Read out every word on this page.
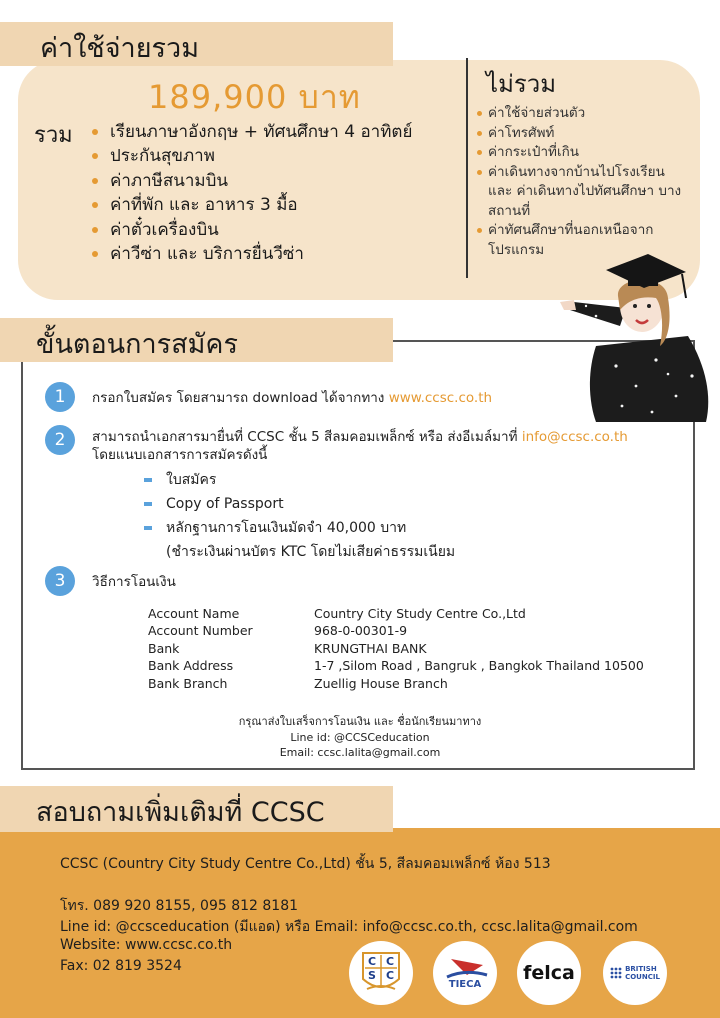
ค่าใช้จ่ายรวม
189,900 บาท
รวม	เรียนภาษาอังกฤษ + ทัศนศึกษา 4 อาทิตย์
ประกันสุขภาพ
ค่าภาษีสนามบิน
ค่าที่พัก และ อาหาร 3 มื้อ
ค่าตั๋วเครื่องบิน
ค่าวีซ่า และ บริการยื่นวีซ่า
ไม่รวม
ค่าใช้จ่ายส่วนตัว
ค่าโทรศัพท์
ค่ากระเป๋าที่เกิน
ค่าเดินทางจากบ้านไปโรงเรียน และ ค่าเดินทางไปทัศนศึกษา บางสถานที่
ค่าทัศนศึกษาที่นอกเหนือจาก โปรแกรม
ขั้นตอนการสมัคร
1	กรอกใบสมัคร โดยสามารถ download ได้จากทาง www.ccsc.co.th
2	สามารถนำเอกสารมายื่นที่ CCSC ชั้น 5 สีลมคอมเพล็กซ์ หรือ ส่งอีเมล์มาที่ info@ccsc.co.th
โดยแนบเอกสารการสมัครดังนี้
ใบสมัคร
Copy of Passport
หลักฐานการโอนเงินมัดจำ 40,000 บาท
(ชำระเงินผ่านบัตร KTC โดยไม่เสียค่าธรรมเนียม
3	วิธีการโอนเงิน
Account Name	Country City Study Centre Co.,Ltd
Account Number	968-0-00301-9
Bank	KRUNGTHAI BANK
Bank Address	1-7 ,Silom Road , Bangruk , Bangkok Thailand 10500
Bank Branch	Zuellig House Branch
กรุณาส่งใบเสร็จการโอนเงิน และ ชื่อนักเรียนมาทาง
Line id: @CCSCeducation
Email: ccsc.lalita@gmail.com
สอบถามเพิ่มเติมที่ CCSC
CCSC (Country City Study Centre Co.,Ltd) ชั้น 5, สีลมคอมเพล็กซ์ ห้อง 513
โทร. 089 920 8155, 095 812 8181
Line id: @ccsceducation (มีแอด) หรือ Email: info@ccsc.co.th, ccsc.lalita@gmail.com
Website: www.ccsc.co.th
Fax: 02 819 3524	C C
S C
TIECA
felca	BRITISH
COUNCIL
